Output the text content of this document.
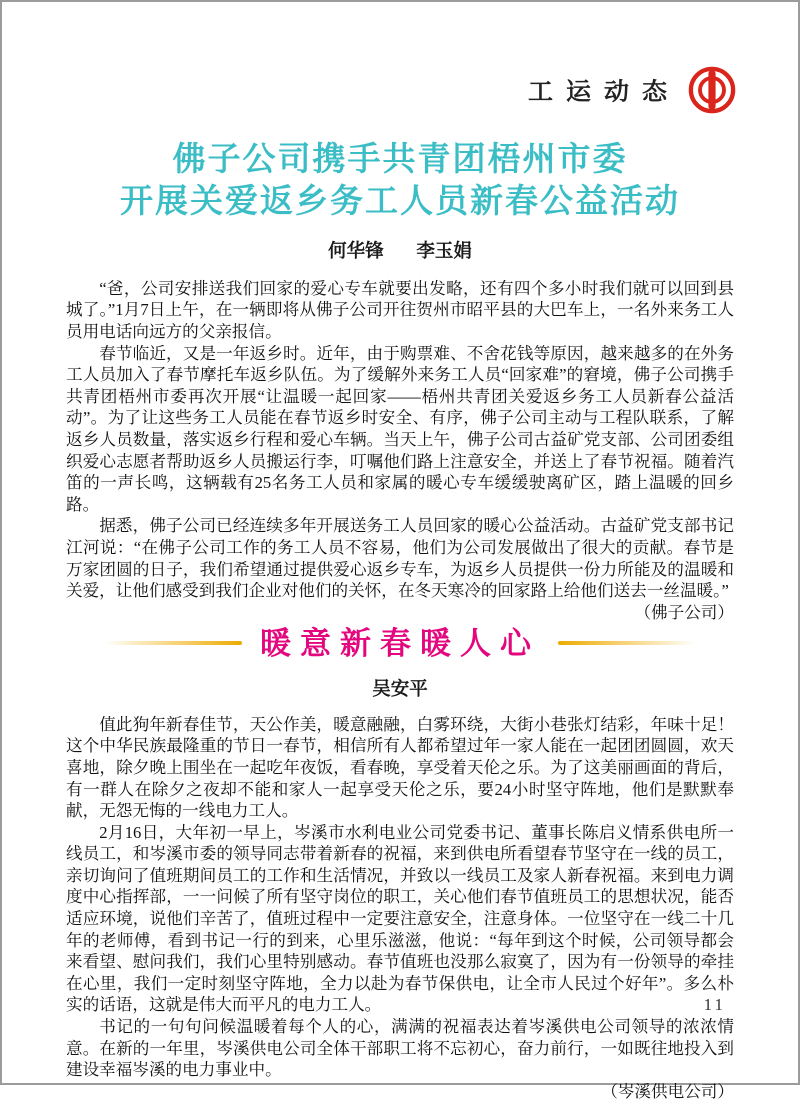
工运动态
佛子公司携手共青团梧州市委
开展关爱返乡务工人员新春公益活动
何华锋 李玉娟

“爸，公司安排送我们回家的爱心专车就要出发略，还有四个多小时我们就可以回到县城了。”1月7日上午，在一辆即将从佛子公司开往贺州市昭平县的大巴车上，一名外来务工人员用电话向远方的父亲报信。

春节临近，又是一年返乡时。近年，由于购票难、不舍花钱等原因，越来越多的在外务工人员加入了春节摩托车返乡队伍。为了缓解外来务工人员“回家难”的窘境，佛子公司携手共青团梧州市委再次开展“让温暖一起回家——梧州共青团关爱返乡务工人员新春公益活动”。为了让这些务工人员能在春节返乡时安全、有序，佛子公司主动与工程队联系，了解返乡人员数量，落实返乡行程和爱心车辆。当天上午，佛子公司古益矿党支部、公司团委组织爱心志愿者帮助返乡人员搬运行李，叮嘱他们路上注意安全，并送上了春节祝福。随着汽笛的一声长鸣，这辆载有25名务工人员和家属的暖心专车缓缓驶离矿区，踏上温暖的回乡路。

据悉，佛子公司已经连续多年开展送务工人员回家的暖心公益活动。古益矿党支部书记江河说：“在佛子公司工作的务工人员不容易，他们为公司发展做出了很大的贡献。春节是万家团圆的日子，我们希望通过提供爱心返乡专车，为返乡人员提供一份力所能及的温暖和关爱，让他们感受到我们企业对他们的关怀，在冬天寒冷的回家路上给他们送去一丝温暖。”
（佛子公司）

暖意新春暖人心
吴安平

值此狗年新春佳节，天公作美，暖意融融，白雾环绕，大街小巷张灯结彩，年味十足！这个中华民族最隆重的节日一春节，相信所有人都希望过年一家人能在一起团团圆圆，欢天喜地，除夕晚上围坐在一起吃年夜饭，看春晚，享受着天伦之乐。为了这美丽画面的背后，有一群人在除夕之夜却不能和家人一起享受天伦之乐，要24小时坚守阵地，他们是默默奉献，无怨无悔的一线电力工人。

2月16日，大年初一早上，岑溪市水利电业公司党委书记、董事长陈启义情系供电所一线员工，和岑溪市委的领导同志带着新春的祝福，来到供电所看望春节坚守在一线的员工，亲切询问了值班期间员工的工作和生活情况，并致以一线员工及家人新春祝福。来到电力调度中心指挥部，一一问候了所有坚守岗位的职工，关心他们春节值班员工的思想状况，能否适应环境，说他们辛苦了，值班过程中一定要注意安全，注意身体。一位坚守在一线二十几年的老师傅，看到书记一行的到来，心里乐滋滋，他说：“每年到这个时候，公司领导都会来看望、慰问我们，我们心里特别感动。春节值班也没那么寂寞了，因为有一份领导的牵挂在心里，我们一定时刻坚守阵地，全力以赴为春节保供电，让全市人民过个好年”。多么朴实的话语，这就是伟大而平凡的电力工人。

书记的一句句问候温暖着每个人的心，满满的祝福表达着岑溪供电公司领导的浓浓情意。在新的一年里，岑溪供电公司全体干部职工将不忘初心，奋力前行，一如既往地投入到建设幸福岑溪的电力事业中。

（岑溪供电公司）

11
